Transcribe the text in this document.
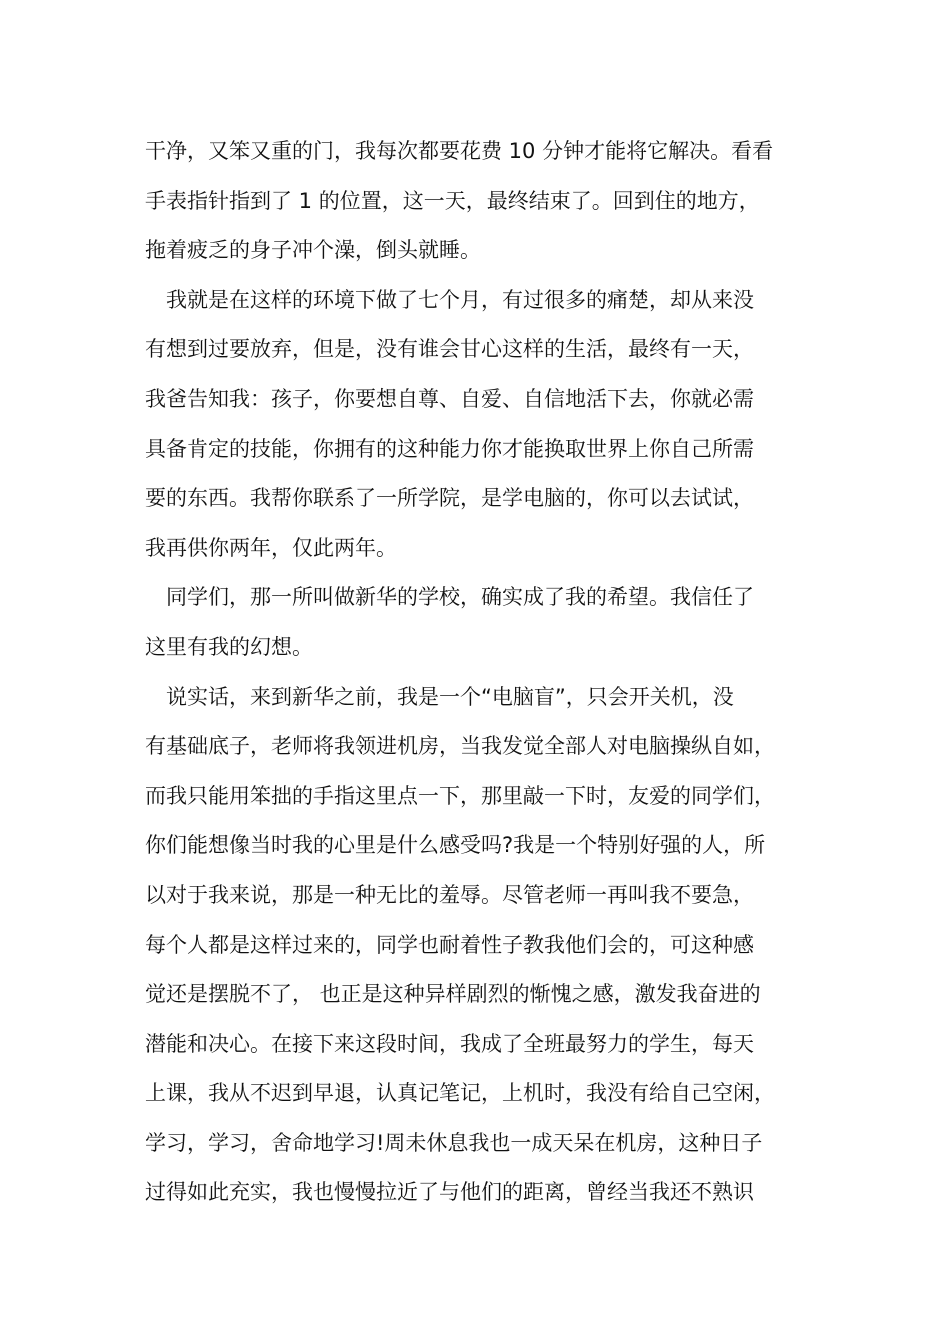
干净，又笨又重的门，我每次都要花费 10 分钟才能将它解决。看看
手表指针指到了 1 的位置，这一天，最终结束了。回到住的地方，
拖着疲乏的身子冲个澡，倒头就睡。
我就是在这样的环境下做了七个月，有过很多的痛楚，却从来没
有想到过要放弃，但是，没有谁会甘心这样的生活，最终有一天，
我爸告知我：孩子，你要想自尊、自爱、自信地活下去，你就必需
具备肯定的技能，你拥有的这种能力你才能换取世界上你自己所需
要的东西。我帮你联系了一所学院，是学电脑的，你可以去试试，
我再供你两年，仅此两年。
同学们，那一所叫做新华的学校，确实成了我的希望。我信任了
这里有我的幻想。
说实话，来到新华之前，我是一个“电脑盲”，只会开关机，没
有基础底子，老师将我领进机房，当我发觉全部人对电脑操纵自如，
而我只能用笨拙的手指这里点一下，那里敲一下时，友爱的同学们，
你们能想像当时我的心里是什么感受吗?我是一个特别好强的人，所
以对于我来说，那是一种无比的羞辱。尽管老师一再叫我不要急，
每个人都是这样过来的，同学也耐着性子教我他们会的，可这种感
觉还是摆脱不了， 也正是这种异样剧烈的惭愧之感，激发我奋进的
潜能和决心。在接下来这段时间，我成了全班最努力的学生，每天
上课，我从不迟到早退，认真记笔记，上机时，我没有给自己空闲，
学习，学习，舍命地学习!周未休息我也一成天呆在机房，这种日子
过得如此充实，我也慢慢拉近了与他们的距离，曾经当我还不熟识
